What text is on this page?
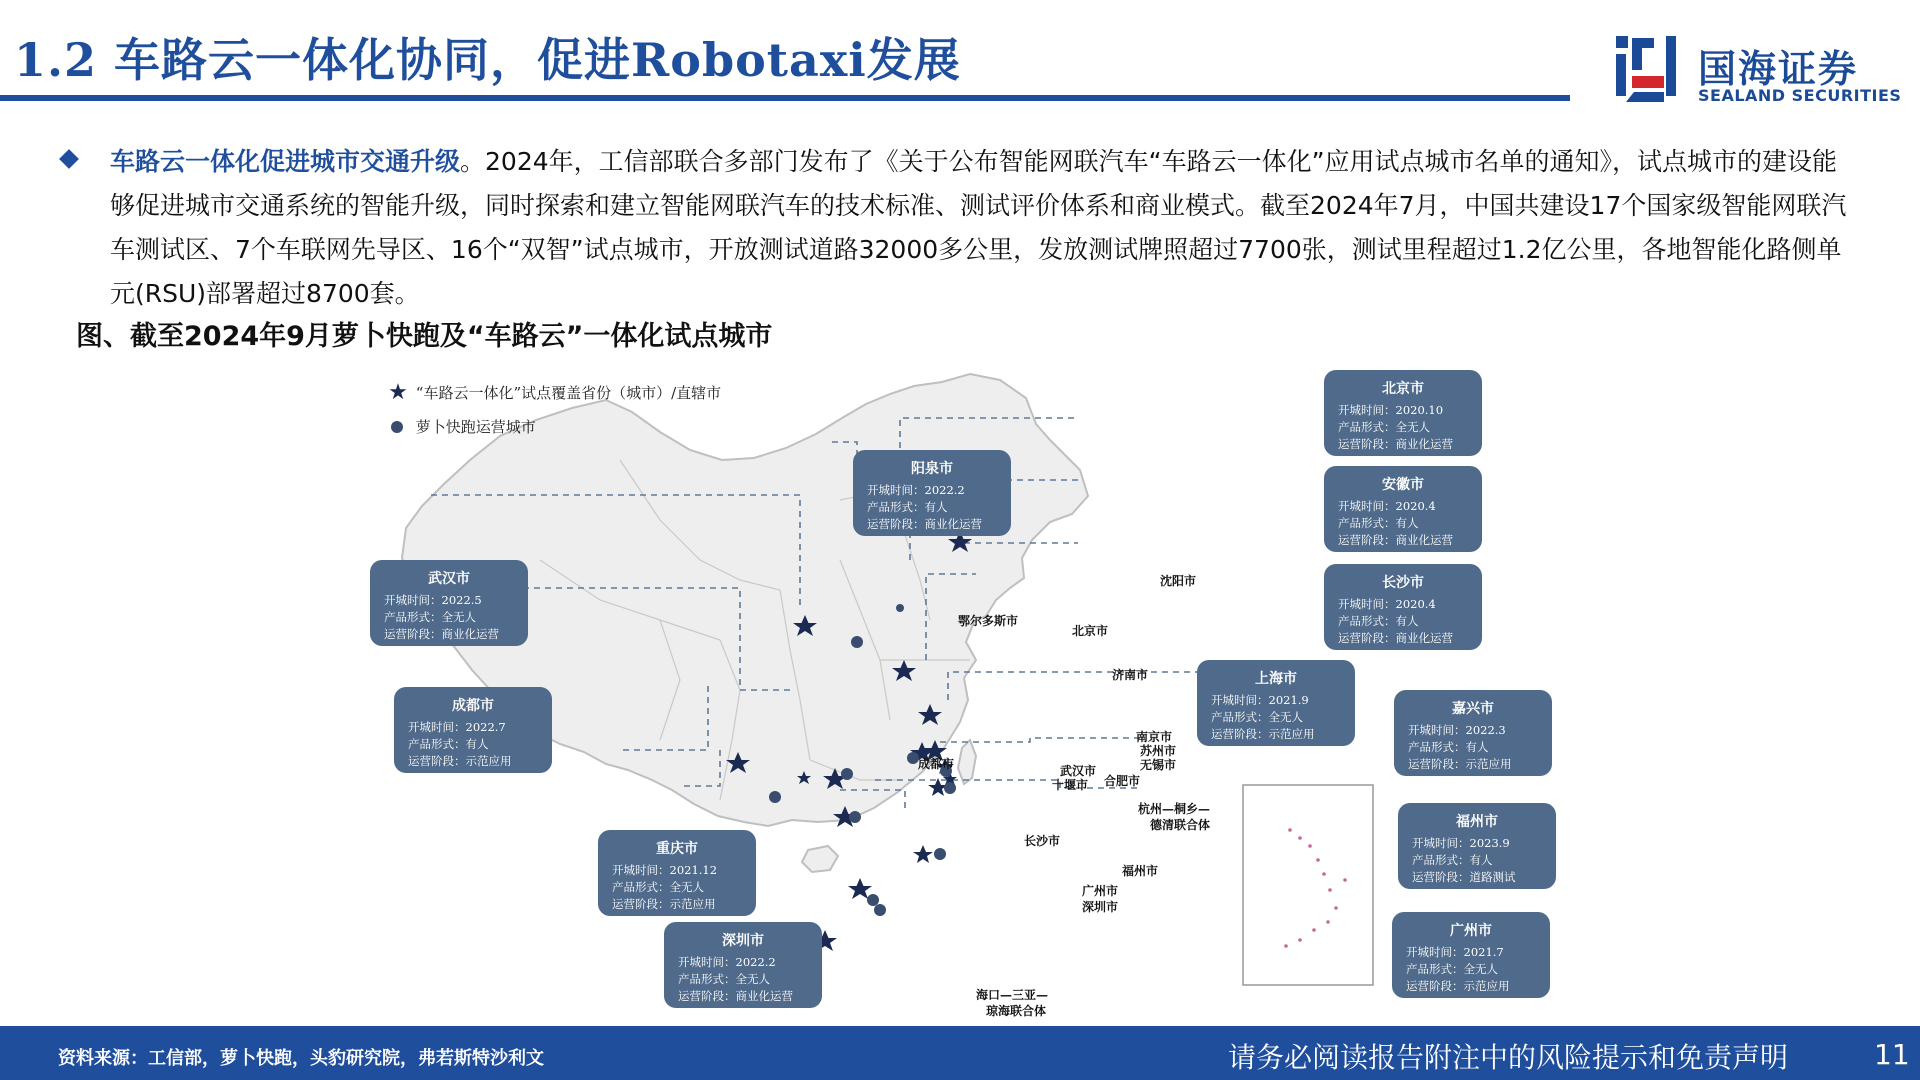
1.2 车路云一体化协同，促进Robotaxi发展	国海证券
SEALAND SECURITIES
车路云一体化促进城市交通升级。2024年，工信部联合多部门发布了《关于公布智能网联汽车“车路云一体化”应用试点城市名单的通知》，试点城市的建设能够促进城市交通系统的智能升级，同时探索和建立智能网联汽车的技术标准、测试评价体系和商业模式。截至2024年7月，中国共建设17个国家级智能网联汽车测试区、7个车联网先导区、16个“双智”试点城市，开放测试道路32000多公里，发放测试牌照超过7700张，测试里程超过1.2亿公里，各地智能化路侧单元(RSU)部署超过8700套。
图、截至2024年9月萝卜快跑及“车路云”一体化试点城市
★ “车路云一体化”试点覆盖省份（城市）/直辖市
萝卜快跑运营城市
北京市
开城时间：2020.10
产品形式：全无人
运营阶段：商业化运营
安徽市
开城时间：2020.4
产品形式：有人
运营阶段：商业化运营
长沙市
开城时间：2020.4
产品形式：有人
运营阶段：商业化运营
阳泉市
开城时间：2022.2
产品形式：有人
运营阶段：商业化运营
武汉市
开城时间：2022.5
产品形式：全无人
运营阶段：商业化运营
成都市
开城时间：2022.7
产品形式：有人
运营阶段：示范应用
上海市
开城时间：2021.9
产品形式：全无人
运营阶段：示范应用
嘉兴市
开城时间：2022.3
产品形式：有人
运营阶段：示范应用
福州市
开城时间：2023.9
产品形式：有人
运营阶段：道路测试
重庆市
开城时间：2021.12
产品形式：全无人
运营阶段：示范应用
深圳市
开城时间：2022.2
产品形式：全无人
运营阶段：商业化运营
广州市
开城时间：2021.7
产品形式：全无人
运营阶段：示范应用
沈阳市
北京市
鄂尔多斯市
济南市
南京市
苏州市
无锡市
合肥市
武汉市
十堰市
成都市
长沙市
杭州—桐乡—
德清联合体
福州市
广州市
深圳市
海口—三亚—
琼海联合体
资料来源：工信部，萝卜快跑，头豹研究院，弗若斯特沙利文	请务必阅读报告附注中的风险提示和免责声明	11
